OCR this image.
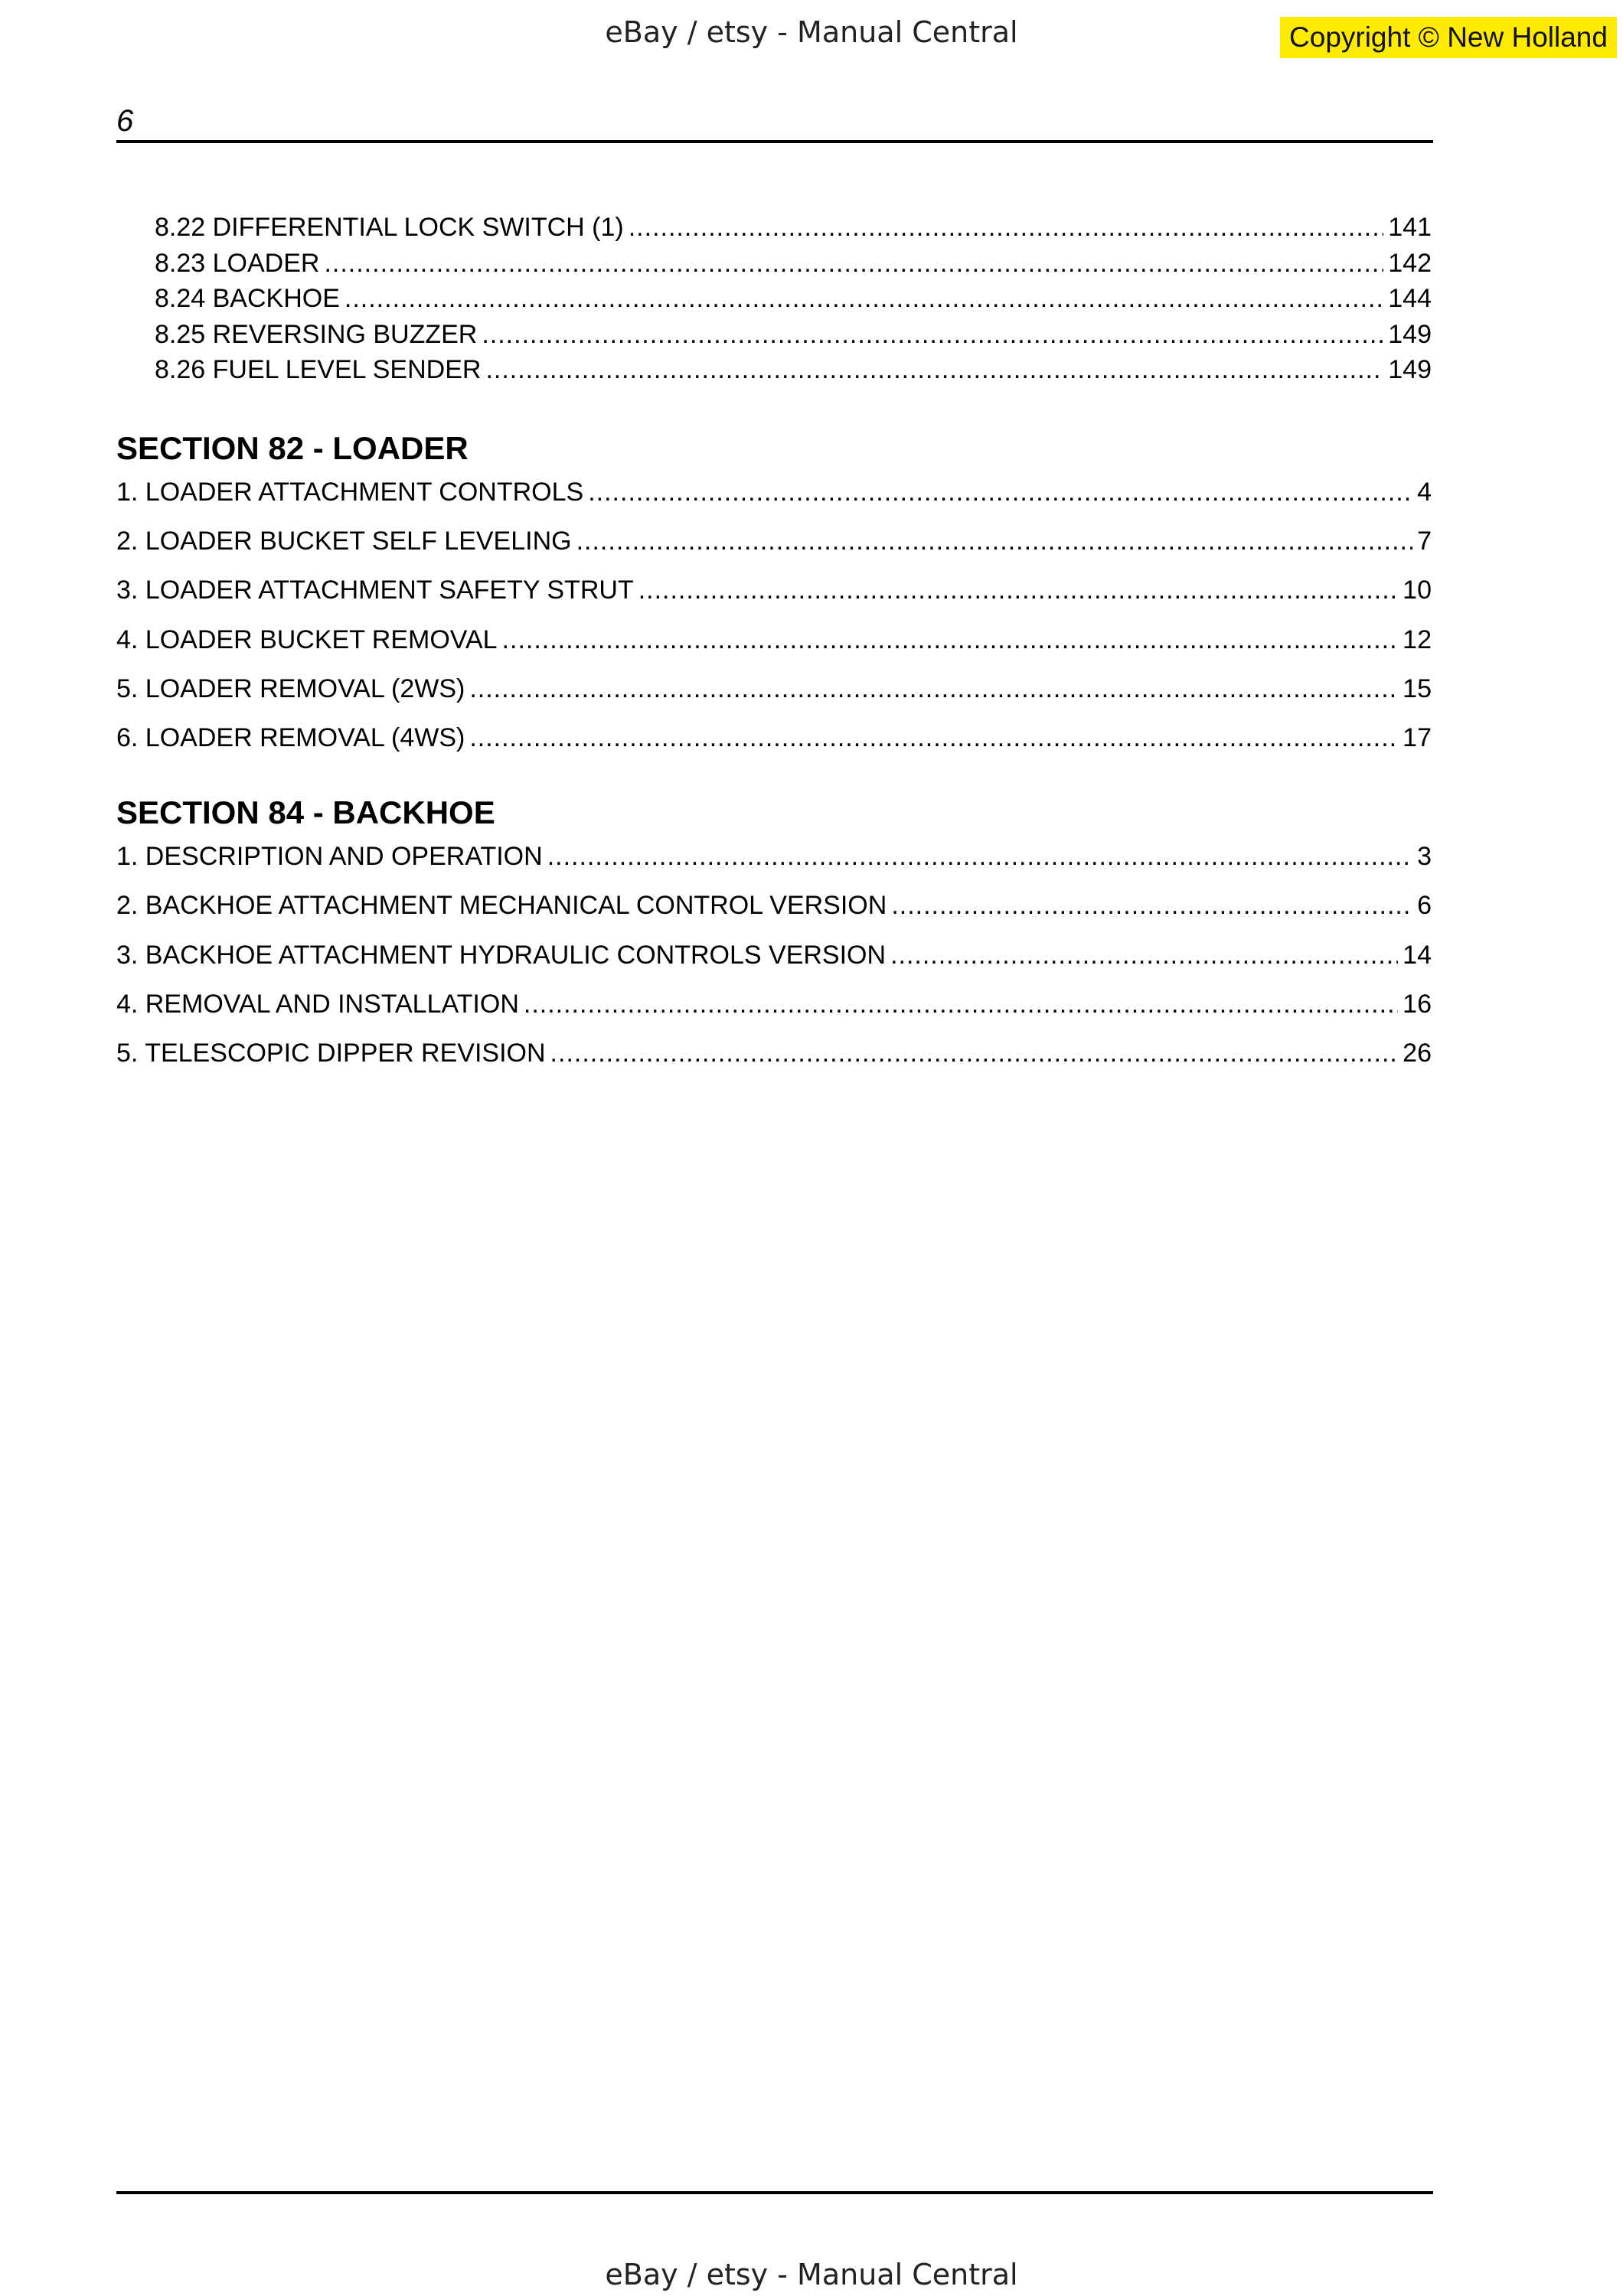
eBay / etsy - Manual Central	Copyright © New Holland
6
8.22 DIFFERENTIAL LOCK SWITCH (1) .....	141
8.23 LOADER .....	142
8.24 BACKHOE .....	144
8.25 REVERSING BUZZER .....	149
8.26 FUEL LEVEL SENDER .....	149
SECTION 82 - LOADER
1. LOADER ATTACHMENT CONTROLS .....	4
2. LOADER BUCKET SELF LEVELING .....	7
3. LOADER ATTACHMENT SAFETY STRUT .....	10
4. LOADER BUCKET REMOVAL .....	12
5. LOADER REMOVAL (2WS) .....	15
6. LOADER REMOVAL (4WS) .....	17
SECTION 84 - BACKHOE
1. DESCRIPTION AND OPERATION .....	3
2. BACKHOE ATTACHMENT MECHANICAL CONTROL VERSION .....	6
3. BACKHOE ATTACHMENT HYDRAULIC CONTROLS VERSION .....	14
4. REMOVAL AND INSTALLATION .....	16
5. TELESCOPIC DIPPER REVISION .....	26
eBay / etsy - Manual Central
